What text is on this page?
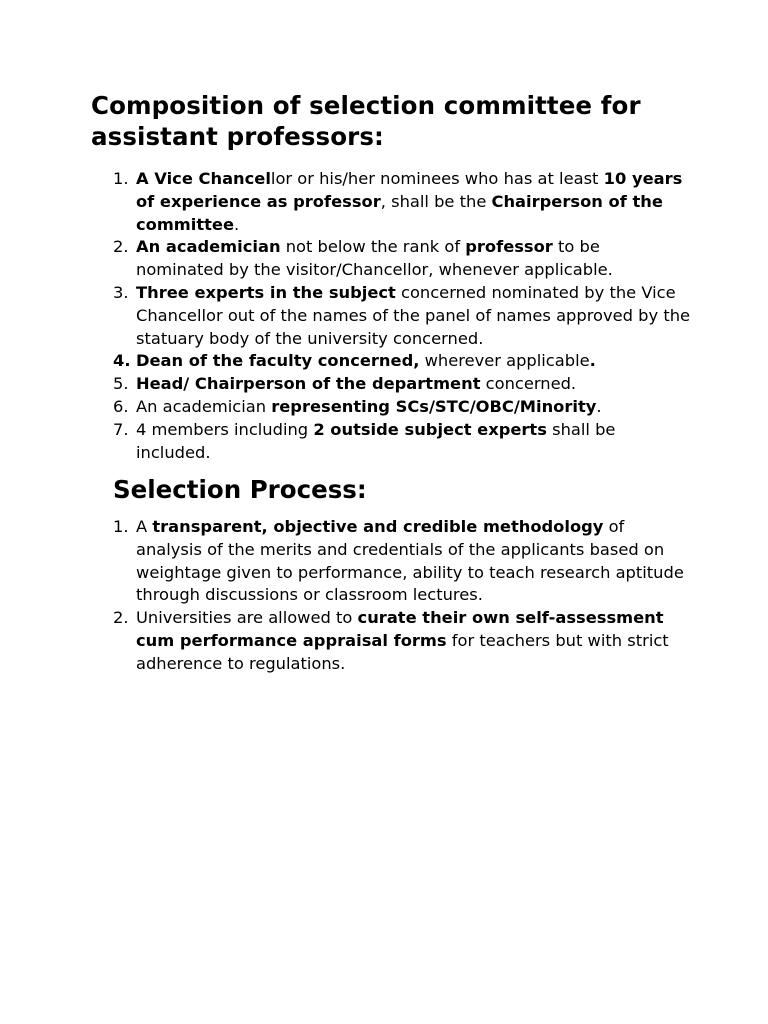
Composition of selection committee for assistant professors:
1. A Vice Chancellor or his/her nominees who has at least 10 years of experience as professor, shall be the Chairperson of the committee.
2. An academician not below the rank of professor to be nominated by the visitor/Chancellor, whenever applicable.
3. Three experts in the subject concerned nominated by the Vice Chancellor out of the names of the panel of names approved by the statuary body of the university concerned.
4. Dean of the faculty concerned, wherever applicable.
5. Head/ Chairperson of the department concerned.
6. An academician representing SCs/STC/OBC/Minority.
7. 4 members including 2 outside subject experts shall be included.
Selection Process:
1. A transparent, objective and credible methodology of analysis of the merits and credentials of the applicants based on weightage given to performance, ability to teach research aptitude through discussions or classroom lectures.
2. Universities are allowed to curate their own self-assessment cum performance appraisal forms for teachers but with strict adherence to regulations.
